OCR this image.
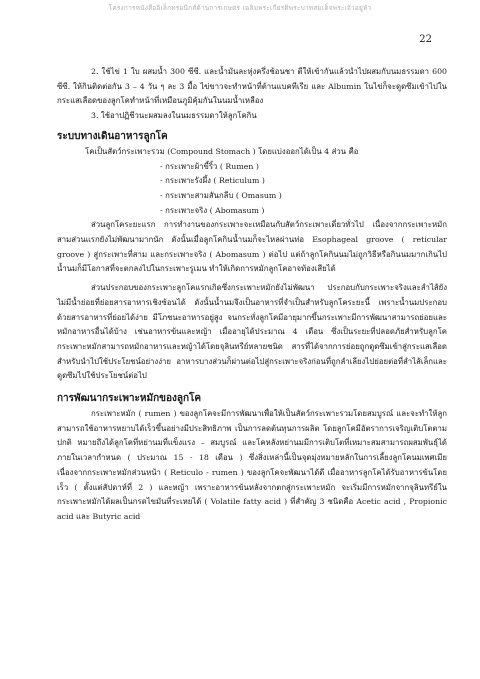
โครงการหนังสืออิเล็กทรอนิกส์ด้านการเกษตร เฉลิมพระเกียรติพระบาทสมเด็จพระเจ้าอยู่หัว
22

2. ใช้ไข่ 1 ใบ ผสมน้ำ 300 ซีซี. และน้ำมันละหุ่งครึ่งช้อนชา ตีให้เข้ากันแล้วนำไปผสมกับนมธรรมดา 600 ซีซี. ให้กินติดต่อกัน 3 – 4 วัน ๆ ละ 3 มื้อ ไข่ขาวจะทำหน้าที่ต้านแบคทีเรีย และ Albumin ในไข่ก็จะดูดซึมเข้าไปในกระแสเลือดของลูกโคทำหน้าที่เหมือนภูมิคุ้มกันในนมน้ำเหลือง

3. ใช้อาปฏิชีวนะผสมลงในนมธรรมดาให้ลูกโคกิน

ระบบทางเดินอาหารลูกโค

โคเป็นสัตว์กระเพาะรวม (Compound Stomach ) โดยแบ่งออกได้เป็น 4 ส่วน คือ

- กระเพาะผ้าขี้ริ้ว ( Rumen )
- กระเพาะรังผึ้ง ( Reticulum )
- กระเพาะสามสันกลีบ ( Omasum )
- กระเพาะจริง ( Abomasum )

ส่วนลูกโคระยะแรก การทำงานของกระเพาะจะเหมือนกับสัตว์กระเพาะเดี่ยวทั่วไป เนื่องจากกระเพาะหมักสามส่วนแรกยังไม่พัฒนามากนัก ดังนั้นเมื่อลูกโคกินน้ำนมก็จะไหลผ่านท่อ Esophageal groove ( reticular groove ) สู่กระเพาะที่สาม และกระเพาะจริง ( Abomasum ) ต่อไป แต่ถ้าลูกโคกินนมไม่ถูกวิธีหรือกินนมมากเกินไปน้ำนมก็มีโอกาสที่จะตกลงไปในกระเพาะรูเมน ทำให้เกิดการหมักลูกโคอาจท้องเสียได้

ส่วนประกอบของกระเพาะลูกโคแรกเกิดซึ่งกระเพาะหมักยังไม่พัฒนา ประกอบกับกระเพาะจริงและลำไส้ยังไม่มีน้ำย่อยที่ย่อยสารอาหารเชิงซ้อนได้ ดังนั้นน้ำนมจึงเป็นอาหารที่จำเป็นสำหรับลูกโคระยะนี้ เพราะน้ำนมประกอบด้วยสารอาหารที่ย่อยได้ง่าย มีโภชนะอาหารอยู่สูง จนกระทั่งลูกโคมีอายุมากขึ้นกระเพาะมีการพัฒนาสามารถย่อยและหมักอาหารอื่นได้บ้าง เช่นอาหารข้นและหญ้า เมื่ออายุได้ประมาณ 4 เดือน ซึ่งเป็นระยะที่ปลอดภัยสำหรับลูกโค กระเพาะหมักสามารถหมักอาหารและหญ้าได้โดยจุลินทรีย์หลายชนิด สารที่ได้จากการย่อยถูกดูดซึมเข้าสู่กระแสเลือดสำหรับนำไปใช้ประโยชน์อย่างง่าย อาหารบางส่วนก็ผ่านต่อไปสู่กระเพาะจริงก่อนที่ถูกลำเลียงไปย่อยต่อที่ลำไส้เล็กและดูดซึมไปใช้ประโยชน์ต่อไป

การพัฒนากระเพาะหมักของลูกโค

กระเพาะหมัก ( rumen ) ของลูกโคจะมีการพัฒนาเพื่อให้เป็นสัตว์กระเพาะรวมโดยสมบูรณ์ และจะทำให้ลูกสามารถใช้อาหารหยาบได้เร็วขึ้นอย่างมีประสิทธิภาพ เป็นการลดต้นทุนการผลิต โดยลูกโคมีอัตราการเจริญเติบโตตามปกติ หมายถึงได้ลูกโคที่หย่านมที่แข็งแรง – สมบูรณ์ และโคหลังหย่านมมีการเติบโตที่เหมาะสมสามารถผสมพันธุ์ได้ภายในเวลากำหนด ( ประมาณ 15 - 18 เดือน ) ซึ่งสิ่งเหล่านี้เป็นจุดมุ่งหมายหลักในการเลี้ยงลูกโคนมเพศเมีย เนื่องจากกระเพาะหมักส่วนหน้า ( Reticulo - rumen ) ของลูกโคจะพัฒนาได้ดี เมื่ออาหารลูกโคได้รับอาหารข้นโดยเร็ว ( ตั้งแต่สัปดาห์ที่ 2 ) และหญ้า เพราะอาหารข้นหลังจากตกสู่กระเพาะหมัก จะเริ่มมีการหมักจากจุลินทรีย์ในกระเพาะหมักได้ผลเป็นกรดไขมันที่ระเหยได้ ( Volatile fatty acid ) ที่สำคัญ 3 ชนิดคือ Acetic acid , Propionic acid และ Butyric acid
